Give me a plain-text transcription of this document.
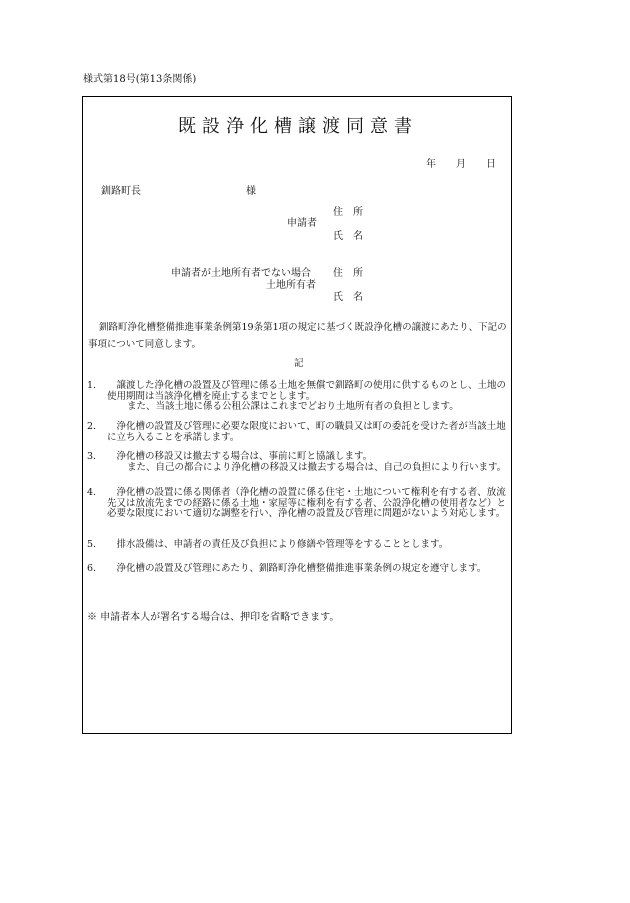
様式第18号(第13条関係)
既設浄化槽譲渡同意書
年 月 日
釧路町長	様
申請者
住　所
氏　名
申請者が土地所有者でない場合
土地所有者
住　所
氏　名
釧路町浄化槽整備推進事業条例第19条第1項の規定に基づく既設浄化槽の譲渡にあたり、下記の事項について同意します。
記
1. 　譲渡した浄化槽の設置及び管理に係る土地を無償で釧路町の使用に供するものとし、土地の使用期間は当該浄化槽を廃止するまでとします。
また、当該土地に係る公租公課はこれまでどおり土地所有者の負担とします。
2. 　浄化槽の設置及び管理に必要な限度において、町の職員又は町の委託を受けた者が当該土地に立ち入ることを承諾します。
3. 　浄化槽の移設又は撤去する場合は、事前に町と協議します。
また、自己の都合により浄化槽の移設又は撤去する場合は、自己の負担により行います。
4. 　浄化槽の設置に係る関係者（浄化槽の設置に係る住宅・土地について権利を有する者、放流先又は放流先までの経路に係る土地・家屋等に権利を有する者、公設浄化槽の使用者など）と必要な限度において適切な調整を行い、浄化槽の設置及び管理に問題がないよう対応します。
5. 　排水設備は、申請者の責任及び負担により修繕や管理等をすることとします。
6. 　浄化槽の設置及び管理にあたり、釧路町浄化槽整備推進事業条例の規定を遵守します。
※ 申請者本人が署名する場合は、押印を省略できます。
